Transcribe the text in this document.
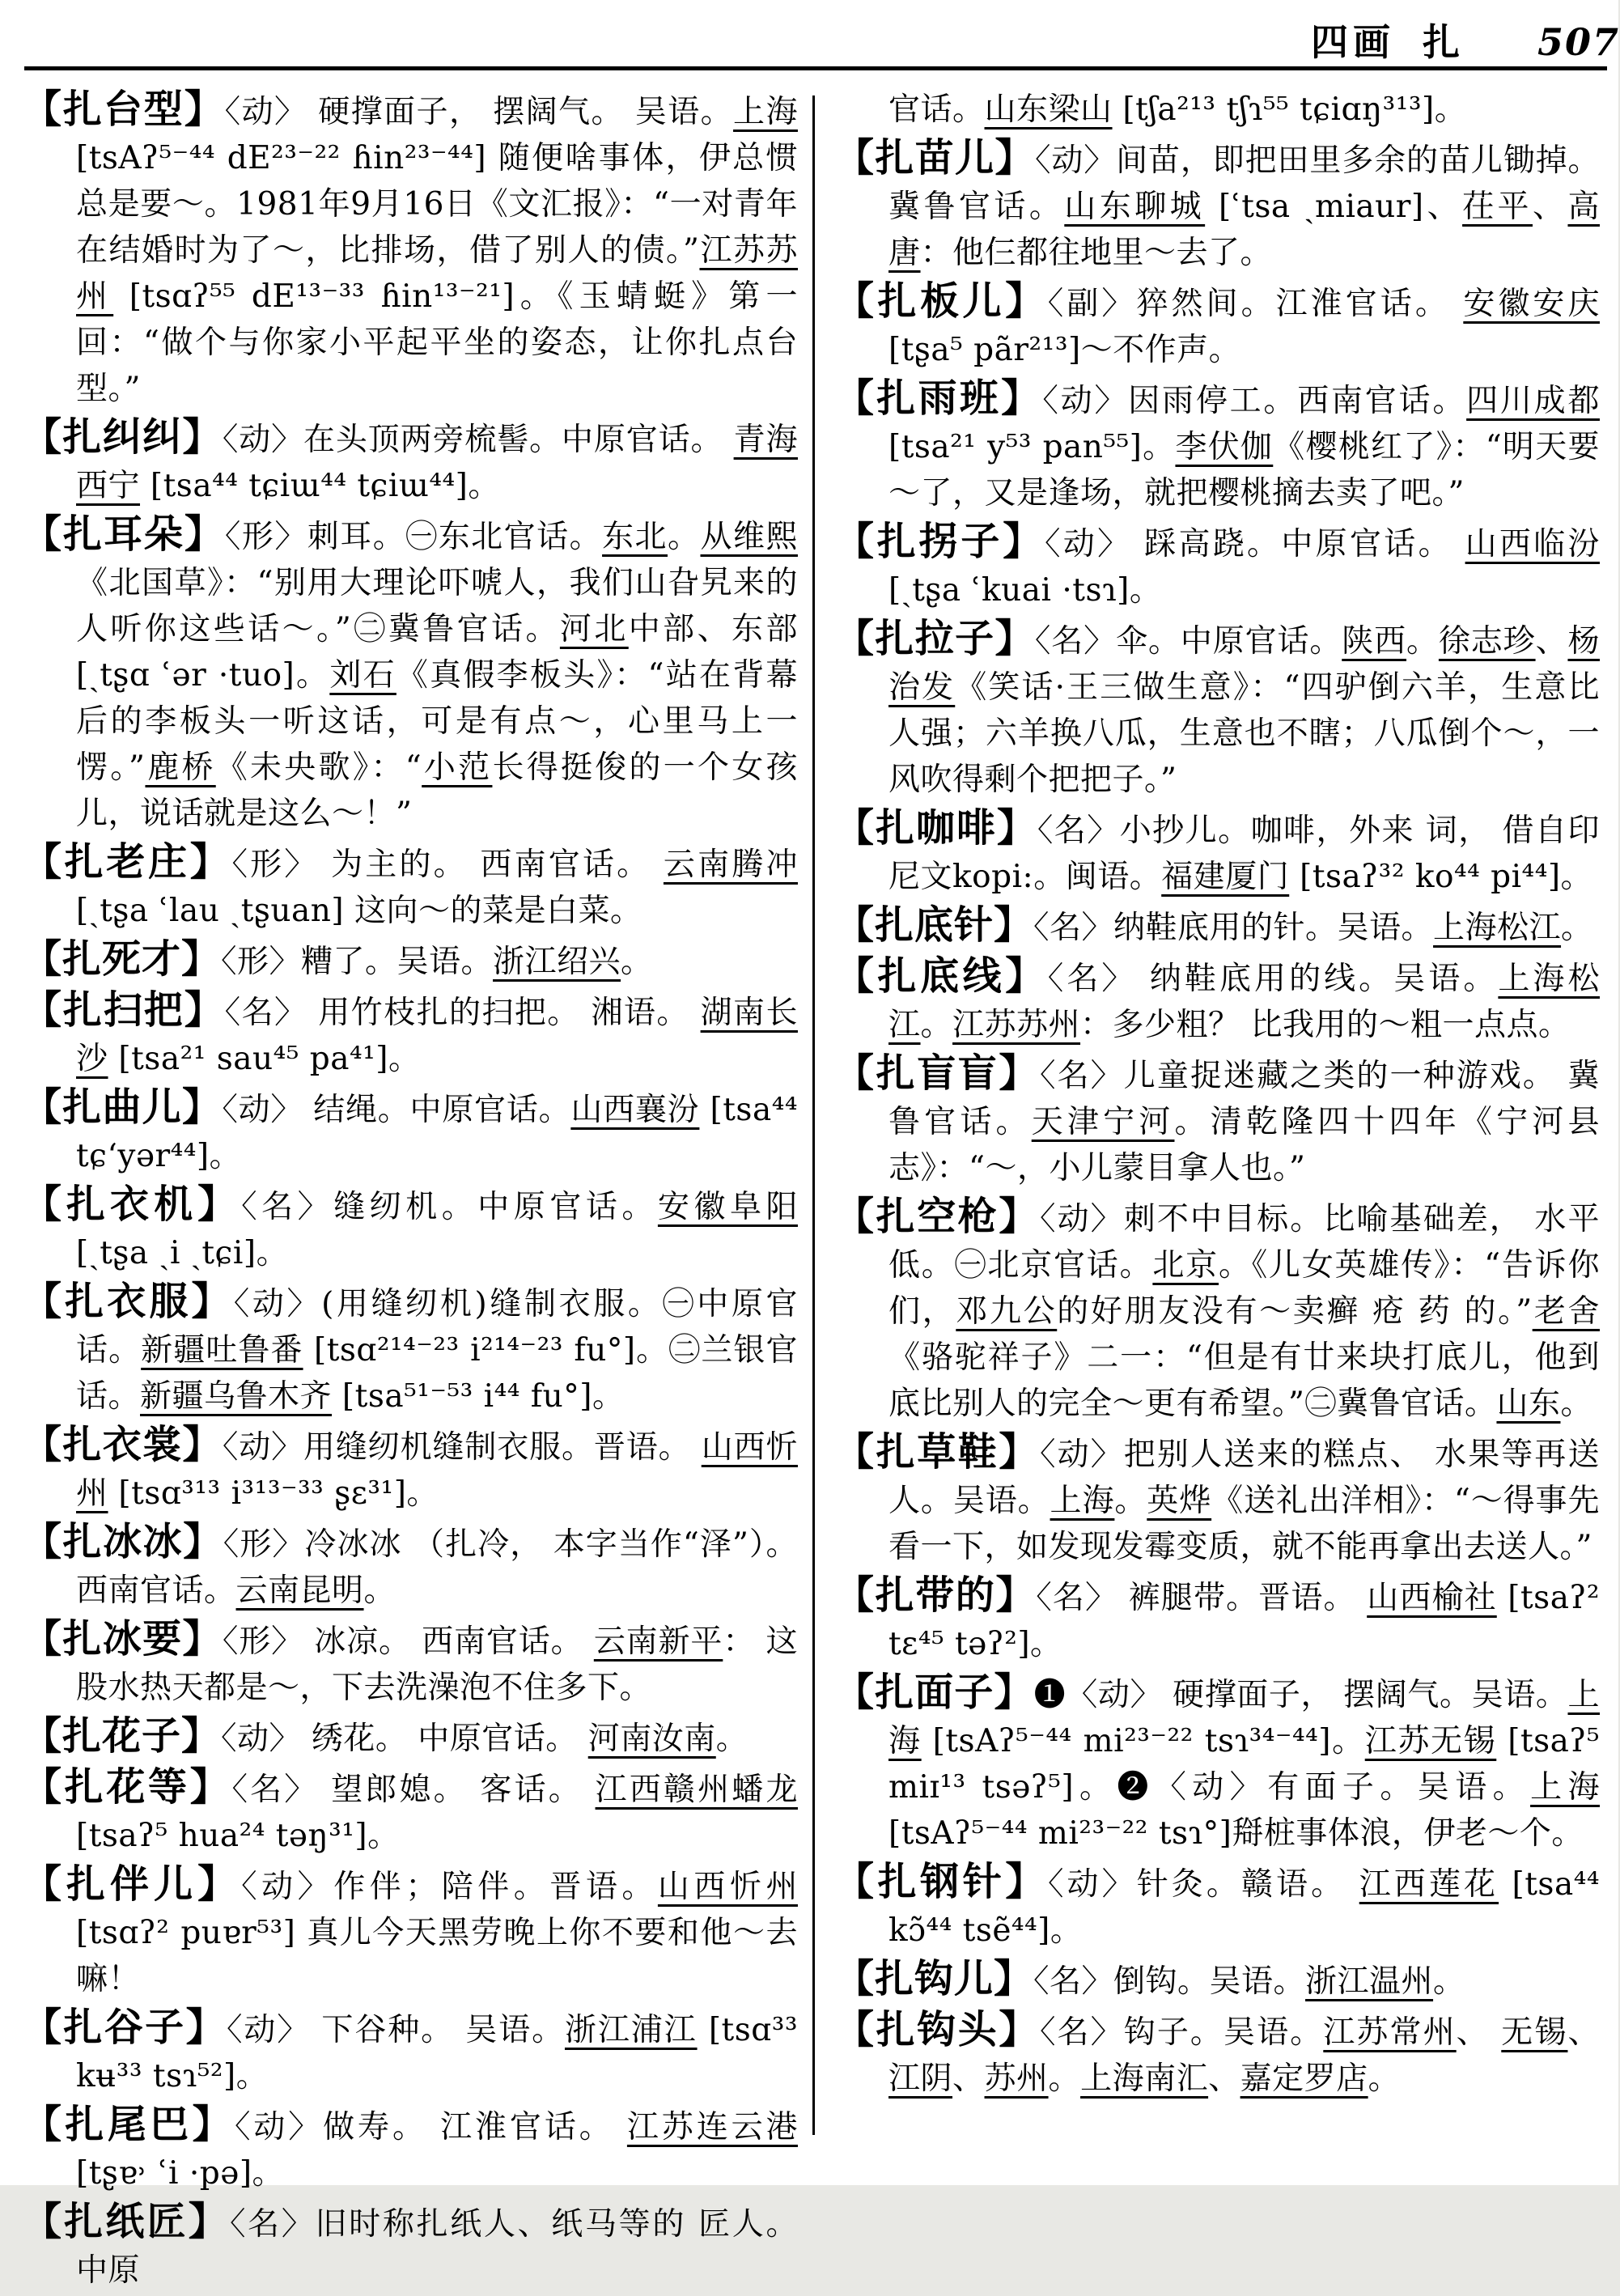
四画 扎 507
【扎台型】〈动〉 硬撑面子， 摆阔气。 吴语。上海 [tsAʔ⁵⁻⁴⁴ dE²³⁻²² ɦin²³⁻⁴⁴] 随便啥事体，伊总惯总是要～。1981年9月16日《文汇报》：“一对青年在结婚时为了～，比排场，借了别人的债。”江苏苏州 [tsɑʔ⁵⁵ dE¹³⁻³³ ɦin¹³⁻²¹]。《玉蜻蜓》第一回：“做个与你家小平起平坐的姿态，让你扎点台型。”
【扎纠纠】〈动〉在头顶两旁梳髻。中原官话。 青海西宁 [tsa⁴⁴ tɕiɯ⁴⁴ tɕiɯ⁴⁴]。
【扎耳朵】〈形〉刺耳。㊀东北官话。东北。从维熙《北国草》：“别用大理论吓唬人，我们山旮旯来的人听你这些话～。”㊁冀鲁官话。河北中部、东部 [ˏtʂɑ ʿər ·tuo]。刘石《真假李板头》：“站在背幕后的李板头一听这话，可是有点～，心里马上一愣。”鹿桥《未央歌》：“小范长得挺俊的一个女孩儿，说话就是这么～！”
【扎老庄】〈形〉 为主的。 西南官话。 云南腾冲 [ˏtʂa ʿlau ˏtʂuan] 这向～的菜是白菜。
【扎死才】〈形〉糟了。吴语。浙江绍兴。
【扎扫把】〈名〉 用竹枝扎的扫把。 湘语。 湖南长沙 [tsa²¹ sau⁴⁵ pa⁴¹]。
【扎曲儿】〈动〉 结绳。中原官话。山西襄汾 [tsa⁴⁴ tɕʻyər⁴⁴]。
【扎衣机】〈名〉缝纫机。中原官话。安徽阜阳 [ˏtʂa ˏi ˏtɕi]。
【扎衣服】〈动〉(用缝纫机)缝制衣服。㊀中原官话。新疆吐鲁番 [tsɑ²¹⁴⁻²³ i²¹⁴⁻²³ fu°]。㊁兰银官话。新疆乌鲁木齐 [tsa⁵¹⁻⁵³ i⁴⁴ fu°]。
【扎衣裳】〈动〉用缝纫机缝制衣服。晋语。 山西忻州 [tsɑ³¹³ i³¹³⁻³³ ʂɛ³¹]。
【扎冰冰】〈形〉冷冰冰 （扎冷， 本字当作“泽”）。西南官话。云南昆明。
【扎冰要】〈形〉 冰凉。 西南官话。 云南新平： 这股水热天都是～，下去洗澡泡不住多下。
【扎花子】〈动〉 绣花。 中原官话。 河南汝南。
【扎花等】〈名〉 望郎媳。 客话。 江西赣州蟠龙[tsaʔ⁵ hua²⁴ təŋ³¹]。
【扎伴儿】〈动〉作伴；陪伴。晋语。山西忻州 [tsɑʔ² puɐr⁵³] 真儿今天黑劳晚上你不要和他～去嘛！
【扎谷子】〈动〉 下谷种。 吴语。浙江浦江 [tsɑ³³ kʉ³³ tsɿ⁵²]。
【扎尾巴】〈动〉做寿。 江淮官话。 江苏连云港 [tʂɐ˒ ʿi ·pə]。
【扎纸匠】〈名〉旧时称扎纸人、纸马等的 匠人。 中原
官话。山东梁山 [tʃa²¹³ tʃɿ⁵⁵ tɕiɑŋ³¹³]。
【扎苗儿】〈动〉间苗，即把田里多余的苗儿锄掉。冀鲁官话。山东聊城 [ʿtsa ˏmiaur]、茌平、高唐：他仨都往地里～去了。
【扎板儿】〈副〉猝然间。江淮官话。 安徽安庆 [tʂa⁵ pãr²¹³]～不作声。
【扎雨班】〈动〉因雨停工。西南官话。四川成都[tsa²¹ y⁵³ pan⁵⁵]。李伏伽《樱桃红了》：“明天要～了，又是逢场，就把樱桃摘去卖了吧。”
【扎拐子】〈动〉 踩高跷。中原官话。 山西临汾 [ˏtʂa ʿkuai ·tsɿ]。
【扎拉子】〈名〉伞。中原官话。陕西。徐志珍、杨治发《笑话·王三做生意》：“四驴倒六羊，生意比人强；六羊换八瓜，生意也不瞎；八瓜倒个～，一风吹得剩个把把子。”
【扎咖啡】〈名〉小抄儿。咖啡，外来 词， 借自印尼文kopi:。闽语。福建厦门 [tsaʔ³² ko⁴⁴ pi⁴⁴]。
【扎底针】〈名〉纳鞋底用的针。吴语。上海松江。
【扎底线】〈名〉 纳鞋底用的线。吴语。上海松江。江苏苏州：多少粗？ 比我用的～粗一点点。
【扎盲盲】〈名〉儿童捉迷藏之类的一种游戏。 冀鲁官话。天津宁河。清乾隆四十四年《宁河县志》：“～，小儿蒙目拿人也。”
【扎空枪】〈动〉刺不中目标。比喻基础差， 水平低。㊀北京官话。北京。《儿女英雄传》：“告诉你们，邓九公的好朋友没有～卖癣 疮 药 的。”老舍《骆驼祥子》二一：“但是有廿来块打底儿，他到底比别人的完全～更有希望。”㊁冀鲁官话。山东。
【扎草鞋】〈动〉把别人送来的糕点、 水果等再送人。吴语。上海。英烨《送礼出洋相》：“～得事先看一下，如发现发霉变质，就不能再拿出去送人。”
【扎带的】〈名〉 裤腿带。晋语。 山西榆社 [tsaʔ² tɛ⁴⁵ təʔ²]。
【扎面子】❶〈动〉 硬撑面子， 摆阔气。吴语。上海 [tsAʔ⁵⁻⁴⁴ mi²³⁻²² tsɿ³⁴⁻⁴⁴]。江苏无锡 [tsaʔ⁵ miɪ¹³ tsəʔ⁵]。❷〈动〉有面子。吴语。上海 [tsAʔ⁵⁻⁴⁴ mi²³⁻²² tsɿ°]搿桩事体浪，伊老～个。
【扎钢针】〈动〉针灸。赣语。 江西莲花 [tsa⁴⁴ kɔ̃⁴⁴ tsẽ⁴⁴]。
【扎钩儿】〈名〉倒钩。吴语。浙江温州。
【扎钩头】〈名〉钩子。吴语。江苏常州、 无锡、江阴、苏州。上海南汇、嘉定罗店。
